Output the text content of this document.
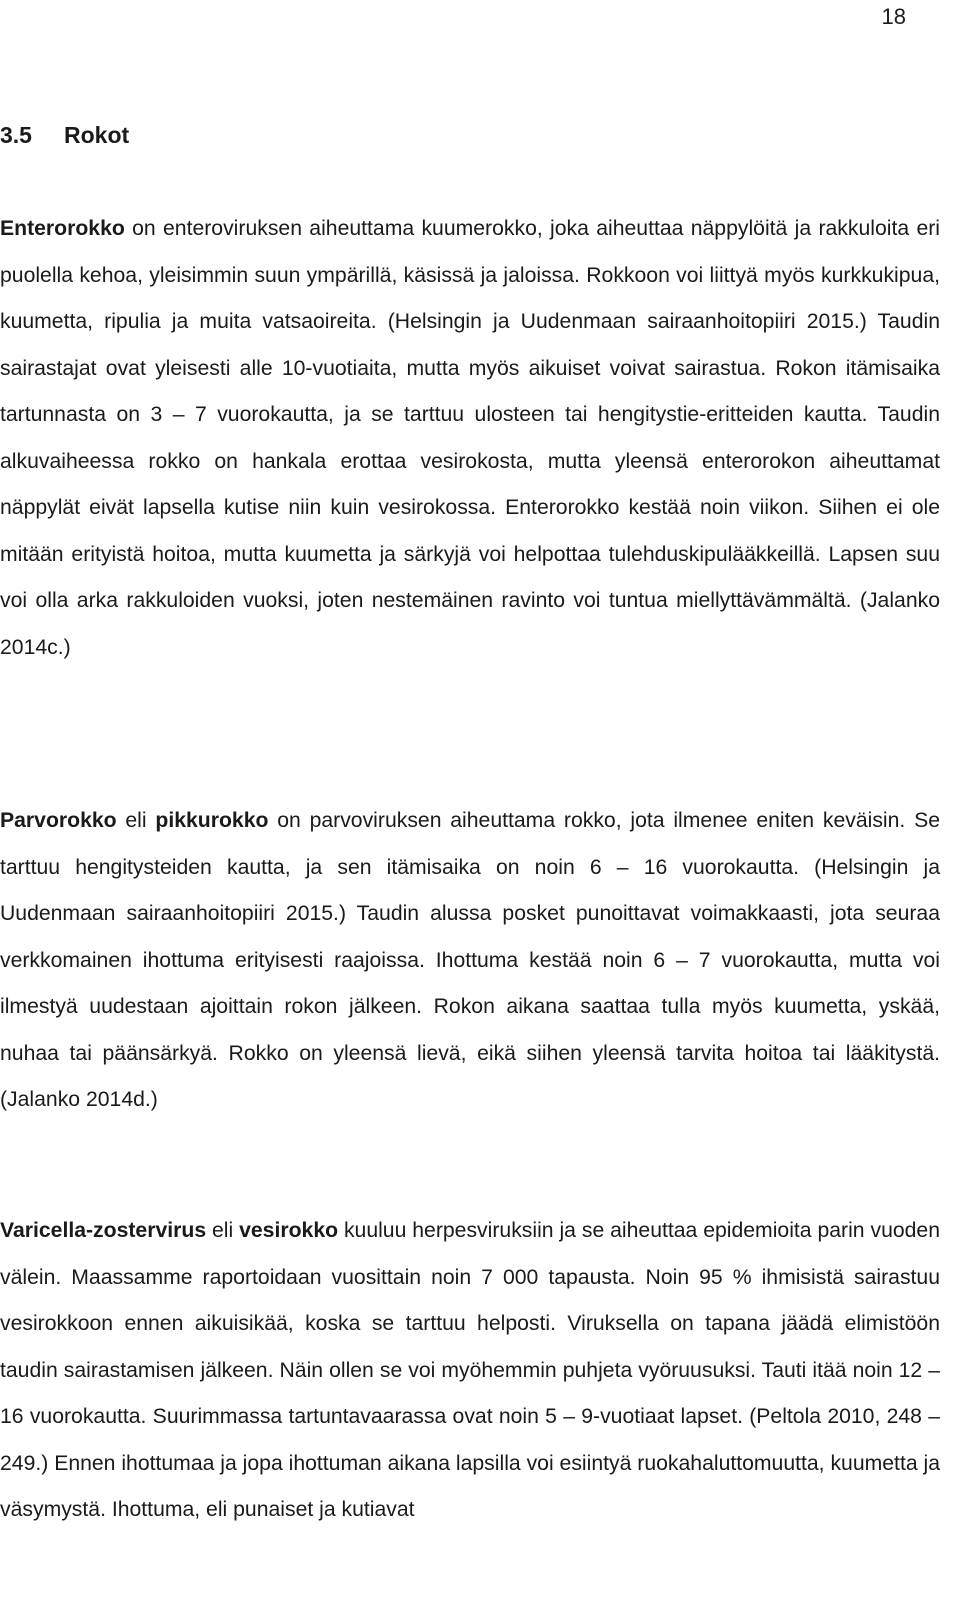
18
3.5 Rokot

Enterorokko on enteroviruksen aiheuttama kuumerokko, joka aiheuttaa näppylöitä ja rakkuloita eri puolella kehoa, yleisimmin suun ympärillä, käsissä ja jaloissa. Rokkoon voi liittyä myös kurkkukipua, kuumetta, ripulia ja muita vatsaoireita. (Helsingin ja Uudenmaan sairaanhoitopiiri 2015.) Taudin sairastajat ovat yleisesti alle 10-vuotiaita, mutta myös aikuiset voivat sairastua. Rokon itämisaika tartunnasta on 3 – 7 vuorokautta, ja se tarttuu ulosteen tai hengitystie-eritteiden kautta. Taudin alkuvaiheessa rokko on hankala erottaa vesirokosta, mutta yleensä enterorokon aiheuttamat näppylät eivät lapsella kutise niin kuin vesirokossa. Enterorokko kestää noin viikon. Siihen ei ole mitään erityistä hoitoa, mutta kuumetta ja särkyjä voi helpottaa tulehduskipulääkkeillä. Lapsen suu voi olla arka rakkuloiden vuoksi, joten nestemäinen ravinto voi tuntua miellyttävämmältä. (Jalanko 2014c.)

Parvorokko eli pikkurokko on parvoviruksen aiheuttama rokko, jota ilmenee eniten keväisin. Se tarttuu hengitysteiden kautta, ja sen itämisaika on noin 6 – 16 vuorokautta. (Helsingin ja Uudenmaan sairaanhoitopiiri 2015.) Taudin alussa posket punoittavat voimakkaasti, jota seuraa verkkomainen ihottuma erityisesti raajoissa. Ihottuma kestää noin 6 – 7 vuorokautta, mutta voi ilmestyä uudestaan ajoittain rokon jälkeen. Rokon aikana saattaa tulla myös kuumetta, yskää, nuhaa tai päänsärkyä. Rokko on yleensä lievä, eikä siihen yleensä tarvita hoitoa tai lääkitystä. (Jalanko 2014d.)

Varicella-zostervirus eli vesirokko kuuluu herpesviruksiin ja se aiheuttaa epidemioita parin vuoden välein. Maassamme raportoidaan vuosittain noin 7 000 tapausta. Noin 95 % ihmisistä sairastuu vesirokkoon ennen aikuisikää, koska se tarttuu helposti. Viruksella on tapana jäädä elimistöön taudin sairastamisen jälkeen. Näin ollen se voi myöhemmin puhjeta vyöruusuksi. Tauti itää noin 12 – 16 vuorokautta. Suurimmassa tartuntavaarassa ovat noin 5 – 9-vuotiaat lapset. (Peltola 2010, 248 – 249.) Ennen ihottumaa ja jopa ihottuman aikana lapsilla voi esiintyä ruokahaluttomuutta, kuumetta ja väsymystä. Ihottuma, eli punaiset ja kutiavat
